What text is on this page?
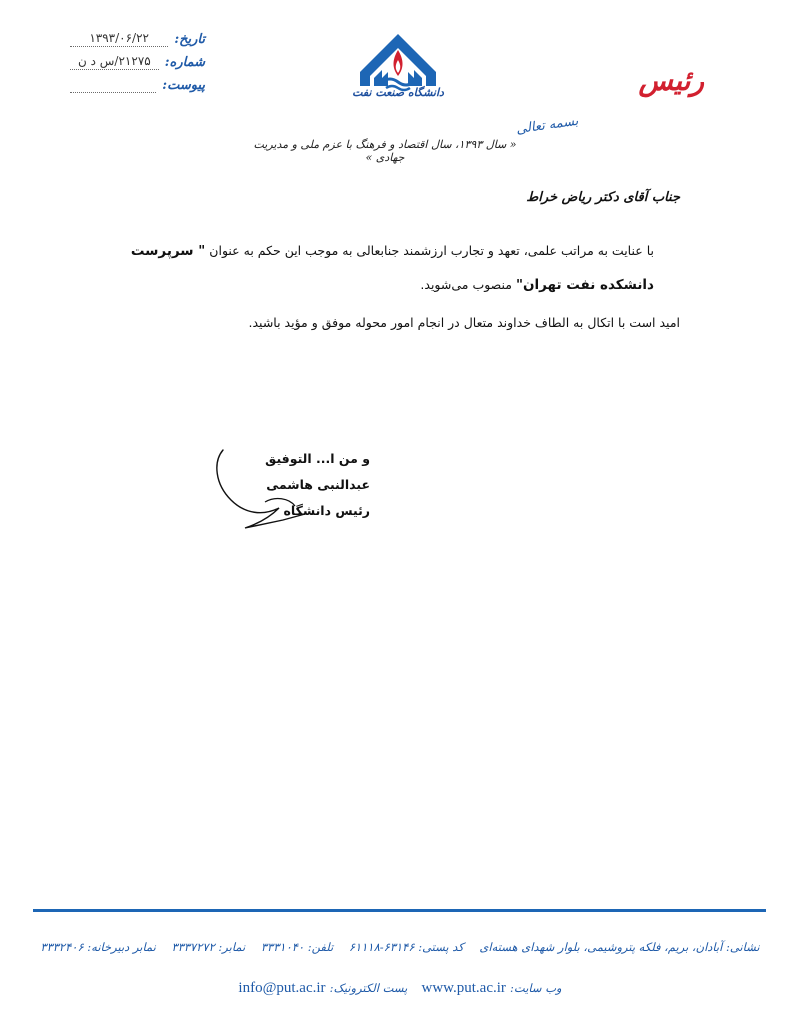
تاریخ:
۱۳۹۳/۰۶/۲۲
شماره:
۲۱۲۷۵/س د ن
پیوست:	دانشگاه صنعت نفت	رئیس
بسمه تعالی
« سال ۱۳۹۳، سال اقتصاد و فرهنگ با عزم ملی و مدیریت جهادی »
جناب آقای دکتر ریاض خراط
با عنایت به مراتب علمی، تعهد و تجارب ارزشمند جنابعالی به موجب این حکم به عنوان " سرپرست دانشکده نفت تهران" منصوب می‌شوید.
امید است با اتکال به الطاف خداوند متعال در انجام امور محوله موفق و مؤید باشید.
و من ا... التوفیق
عبدالنبی هاشمی
رئیس دانشگاه
نشانی: آبادان، بریم، فلکه پتروشیمی، بلوار شهدای هسته‌ای کد پستی: ۶۳۱۴۶-۶۱۱۱۸ تلفن: ۳۳۳۱۰۴۰ نمابر: ۳۳۳۷۲۷۲ نمابر دبیرخانه: ۳۳۳۲۴۰۶
وب سایت: www.put.ac.ir پست الکترونیک: info@put.ac.ir
